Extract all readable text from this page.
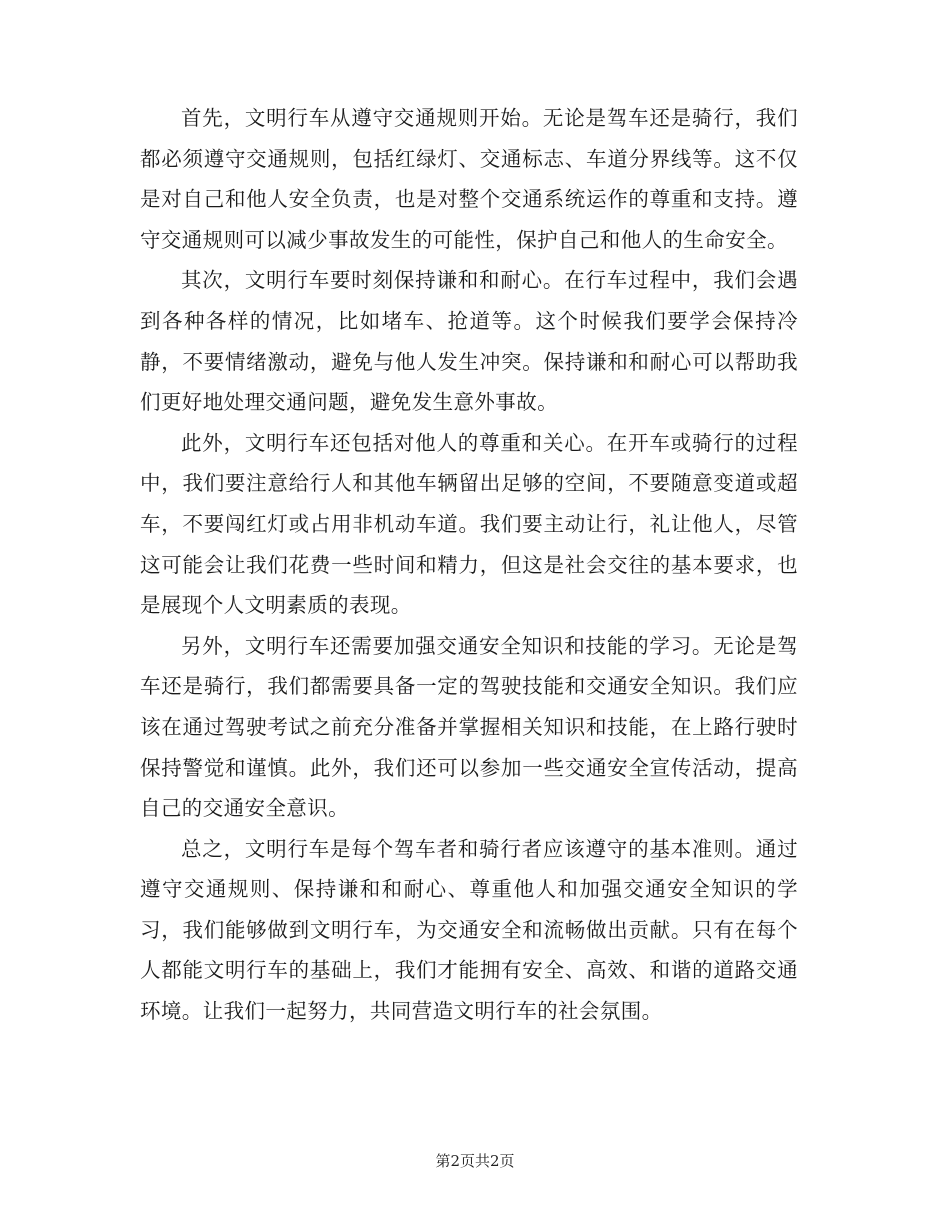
首先，文明行车从遵守交通规则开始。无论是驾车还是骑行，我们都必须遵守交通规则，包括红绿灯、交通标志、车道分界线等。这不仅是对自己和他人安全负责，也是对整个交通系统运作的尊重和支持。遵守交通规则可以减少事故发生的可能性，保护自己和他人的生命安全。

其次，文明行车要时刻保持谦和和耐心。在行车过程中，我们会遇到各种各样的情况，比如堵车、抢道等。这个时候我们要学会保持冷静，不要情绪激动，避免与他人发生冲突。保持谦和和耐心可以帮助我们更好地处理交通问题，避免发生意外事故。

此外，文明行车还包括对他人的尊重和关心。在开车或骑行的过程中，我们要注意给行人和其他车辆留出足够的空间，不要随意变道或超车，不要闯红灯或占用非机动车道。我们要主动让行，礼让他人，尽管这可能会让我们花费一些时间和精力，但这是社会交往的基本要求，也是展现个人文明素质的表现。

另外，文明行车还需要加强交通安全知识和技能的学习。无论是驾车还是骑行，我们都需要具备一定的驾驶技能和交通安全知识。我们应该在通过驾驶考试之前充分准备并掌握相关知识和技能，在上路行驶时保持警觉和谨慎。此外，我们还可以参加一些交通安全宣传活动，提高自己的交通安全意识。

总之，文明行车是每个驾车者和骑行者应该遵守的基本准则。通过遵守交通规则、保持谦和和耐心、尊重他人和加强交通安全知识的学习，我们能够做到文明行车，为交通安全和流畅做出贡献。只有在每个人都能文明行车的基础上，我们才能拥有安全、高效、和谐的道路交通环境。让我们一起努力，共同营造文明行车的社会氛围。

第2页共2页
